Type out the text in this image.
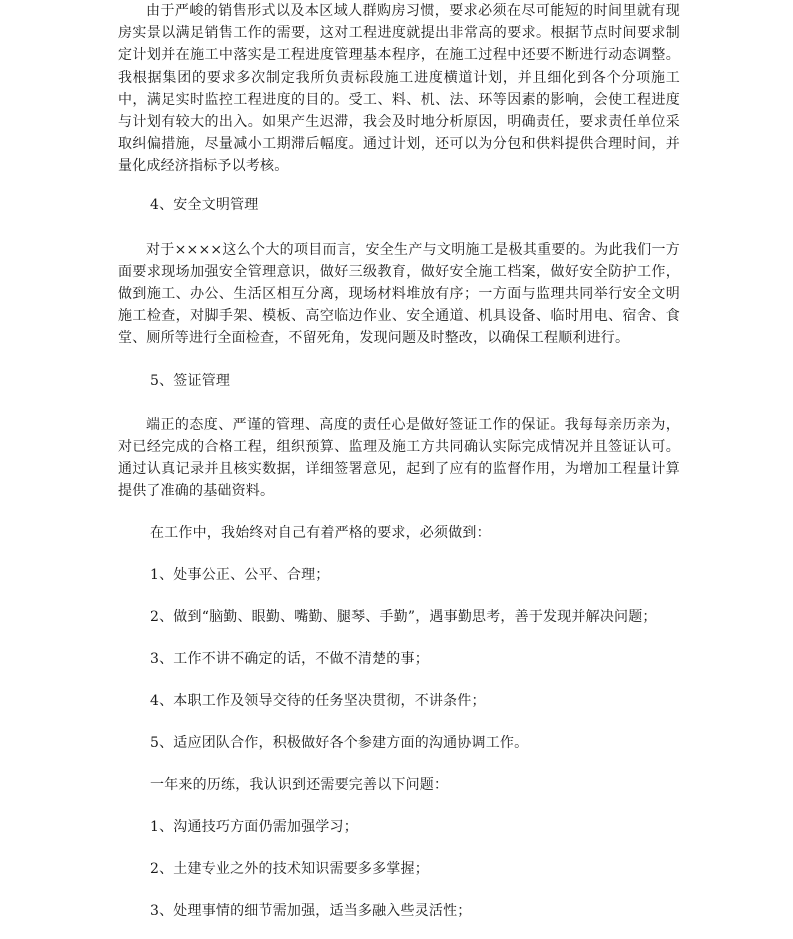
由于严峻的销售形式以及本区域人群购房习惯，要求必须在尽可能短的时间里就有现房实景以满足销售工作的需要，这对工程进度就提出非常高的要求。根据节点时间要求制定计划并在施工中落实是工程进度管理基本程序，在施工过程中还要不断进行动态调整。我根据集团的要求多次制定我所负责标段施工进度横道计划，并且细化到各个分项施工中，满足实时监控工程进度的目的。受工、料、机、法、环等因素的影响，会使工程进度与计划有较大的出入。如果产生迟滞，我会及时地分析原因，明确责任，要求责任单位采取纠偏措施，尽量减小工期滞后幅度。通过计划，还可以为分包和供料提供合理时间，并量化成经济指标予以考核。

4、安全文明管理

对于××××这么个大的项目而言，安全生产与文明施工是极其重要的。为此我们一方面要求现场加强安全管理意识，做好三级教育，做好安全施工档案，做好安全防护工作，做到施工、办公、生活区相互分离，现场材料堆放有序；一方面与监理共同举行安全文明施工检查，对脚手架、模板、高空临边作业、安全通道、机具设备、临时用电、宿舍、食堂、厕所等进行全面检查，不留死角，发现问题及时整改，以确保工程顺利进行。

5、签证管理

端正的态度、严谨的管理、高度的责任心是做好签证工作的保证。我每每亲历亲为，对已经完成的合格工程，组织预算、监理及施工方共同确认实际完成情况并且签证认可。通过认真记录并且核实数据，详细签署意见，起到了应有的监督作用，为增加工程量计算提供了准确的基础资料。

在工作中，我始终对自己有着严格的要求，必须做到：

1、处事公正、公平、合理；

2、做到“脑勤、眼勤、嘴勤、腿琴、手勤”，遇事勤思考，善于发现并解决问题；

3、工作不讲不确定的话，不做不清楚的事；

4、本职工作及领导交待的任务坚决贯彻，不讲条件；

5、适应团队合作，积极做好各个参建方面的沟通协调工作。

一年来的历练，我认识到还需要完善以下问题：

1、沟通技巧方面仍需加强学习；

2、土建专业之外的技术知识需要多多掌握；

3、处理事情的细节需加强，适当多融入些灵活性；
